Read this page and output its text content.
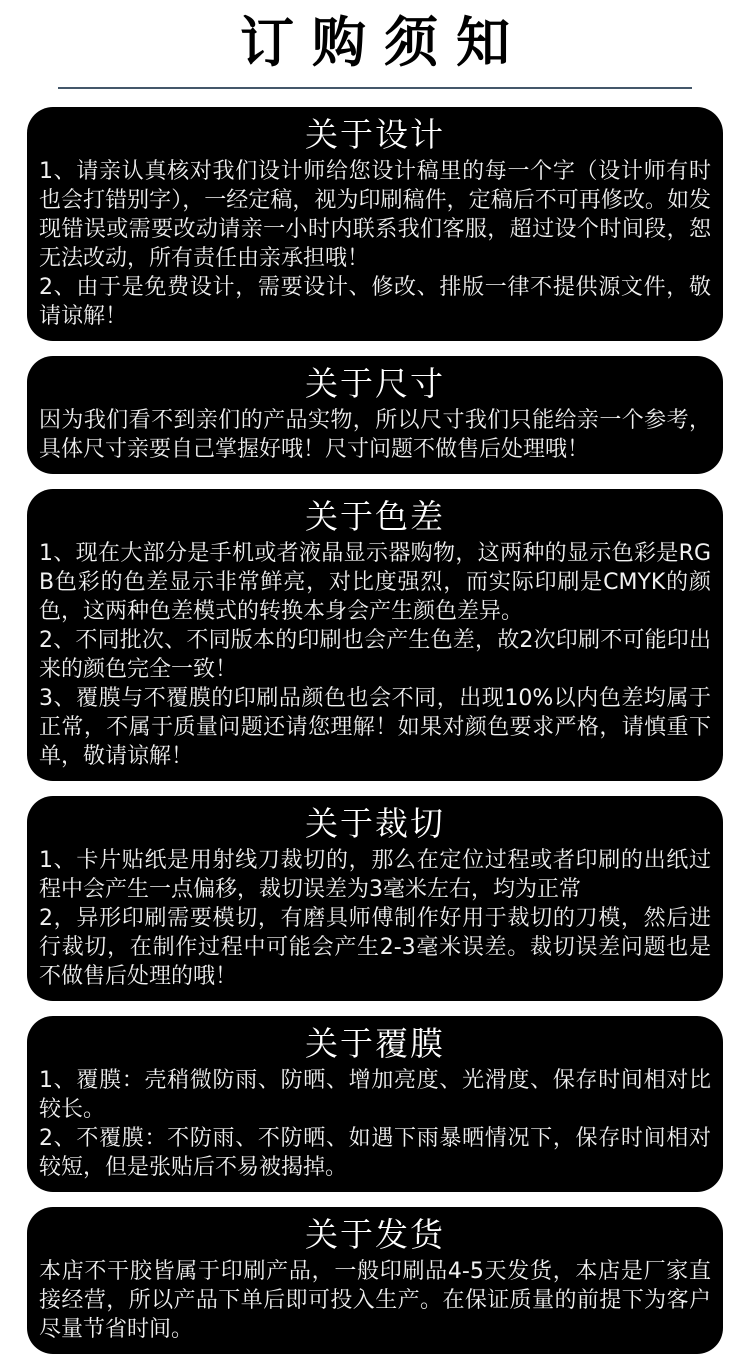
订购须知
关于设计

1、请亲认真核对我们设计师给您设计稿里的每一个字（设计师有时也会打错别字），一经定稿，视为印刷稿件，定稿后不可再修改。如发现错误或需要改动请亲一小时内联系我们客服，超过设个时间段，恕无法改动，所有责任由亲承担哦！

2、由于是免费设计，需要设计、修改、排版一律不提供源文件，敬请谅解！

关于尺寸

因为我们看不到亲们的产品实物，所以尺寸我们只能给亲一个参考，具体尺寸亲要自己掌握好哦！尺寸问题不做售后处理哦！

关于色差

1、现在大部分是手机或者液晶显示器购物，这两种的显示色彩是RGB色彩的色差显示非常鲜亮，对比度强烈，而实际印刷是CMYK的颜色，这两种色差模式的转换本身会产生颜色差异。

2、不同批次、不同版本的印刷也会产生色差，故2次印刷不可能印出来的颜色完全一致！

3、覆膜与不覆膜的印刷品颜色也会不同，出现10%以内色差均属于正常，不属于质量问题还请您理解！如果对颜色要求严格，请慎重下单，敬请谅解！

关于裁切

1、卡片贴纸是用射线刀裁切的，那么在定位过程或者印刷的出纸过程中会产生一点偏移，裁切误差为3毫米左右，均为正常

2，异形印刷需要模切，有磨具师傅制作好用于裁切的刀模，然后进行裁切，在制作过程中可能会产生2-3毫米误差。裁切误差问题也是不做售后处理的哦！

关于覆膜

1、覆膜：壳稍微防雨、防晒、增加亮度、光滑度、保存时间相对比较长。

2、不覆膜：不防雨、不防晒、如遇下雨暴晒情况下，保存时间相对较短，但是张贴后不易被揭掉。

关于发货

本店不干胶皆属于印刷产品，一般印刷品4-5天发货，本店是厂家直接经营，所以产品下单后即可投入生产。在保证质量的前提下为客户尽量节省时间。
